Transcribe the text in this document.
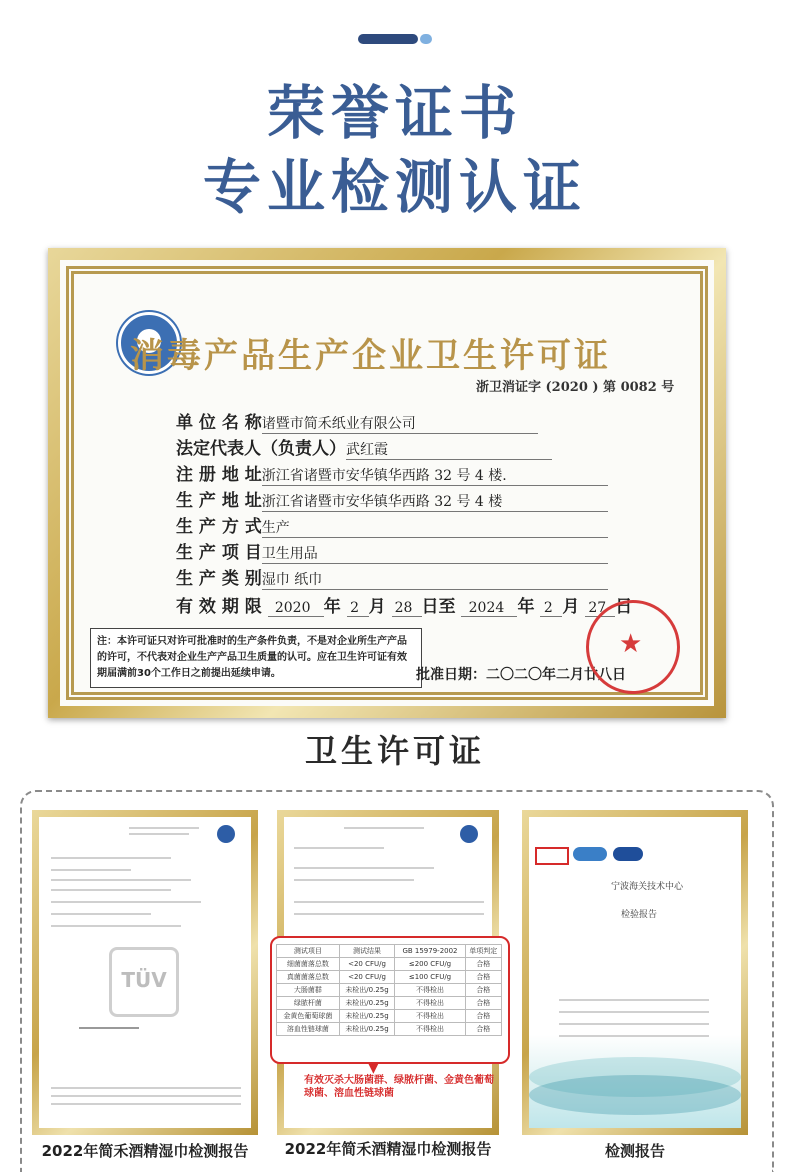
荣誉证书
专业检测认证
消毒产品生产企业卫生许可证
浙卫消证字 (2020 ) 第 0082 号
单 位 名 称诸暨市简禾纸业有限公司
法定代表人（负责人）武红霞
注 册 地 址浙江省诸暨市安华镇华西路 32 号 4 楼.
生 产 地 址浙江省诸暨市安华镇华西路 32 号 4 楼
生 产 方 式生产
生 产 项 目卫生用品
生 产 类 别湿巾 纸巾
有 效 期 限 2020 年 2 月 28 日至 2024 年 2 月 27 日
注：本许可证只对许可批准时的生产条件负责，不是对企业所生产产品的许可，不代表对企业生产产品卫生质量的认可。应在卫生许可证有效期届满前30个工作日之前提出延续申请。	批准日期：二〇二〇年二月廿八日
★
卫生许可证
TÜV
测试项目	测试结果	GB 15979-2002	单项判定
细菌菌落总数	<20 CFU/g	≤200 CFU/g	合格
真菌菌落总数	<20 CFU/g	≤100 CFU/g	合格
大肠菌群	未检出/0.25g	不得检出	合格
绿脓杆菌	未检出/0.25g	不得检出	合格
金黄色葡萄球菌	未检出/0.25g	不得检出	合格
溶血性链球菌	未检出/0.25g	不得检出	合格
▼
有效灭杀大肠菌群、绿脓杆菌、金黄色葡萄球菌、溶血性链球菌
宁波海关技术中心
检验报告
2022年简禾酒精湿巾检测报告	2022年简禾酒精湿巾检测报告	检测报告
